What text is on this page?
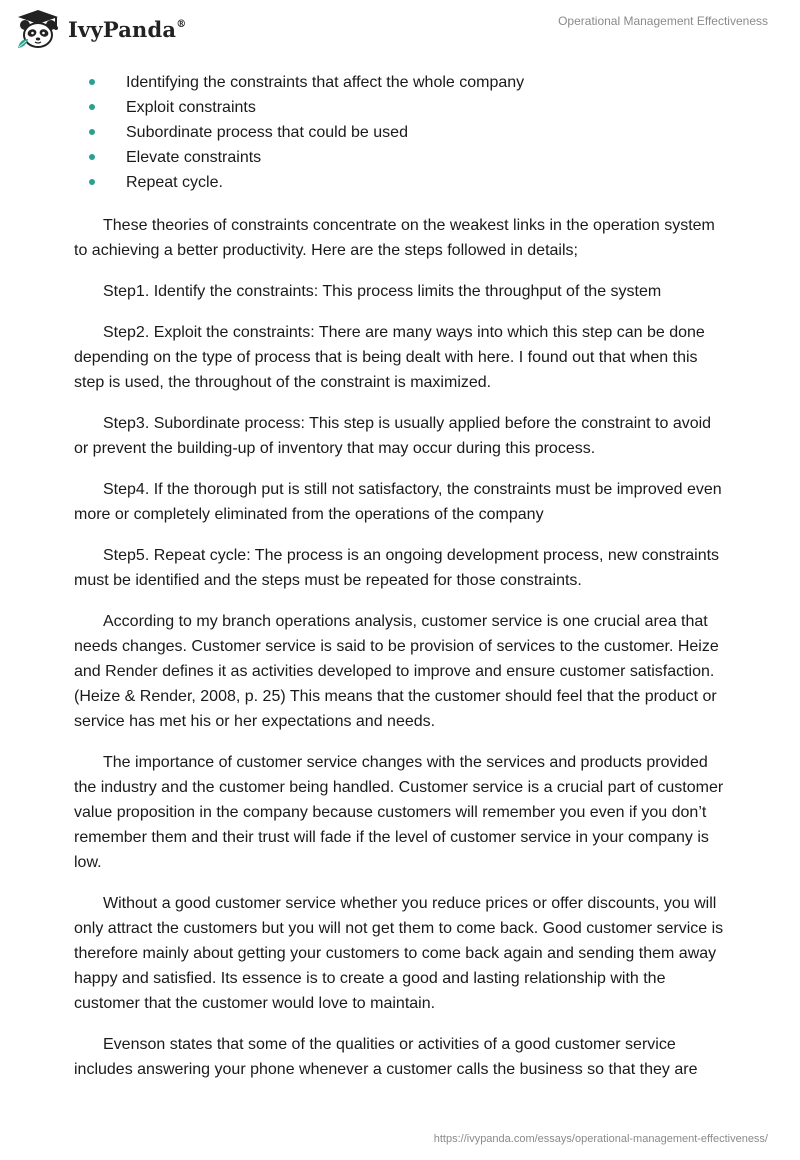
IvyPanda®	Operational Management Effectiveness
Identifying the constraints that affect the whole company
Exploit constraints
Subordinate process that could be used
Elevate constraints
Repeat cycle.

These theories of constraints concentrate on the weakest links in the operation system to achieving a better productivity. Here are the steps followed in details;

Step1. Identify the constraints: This process limits the throughput of the system

Step2. Exploit the constraints: There are many ways into which this step can be done depending on the type of process that is being dealt with here. I found out that when this step is used, the throughout of the constraint is maximized.

Step3. Subordinate process: This step is usually applied before the constraint to avoid or prevent the building-up of inventory that may occur during this process.

Step4. If the thorough put is still not satisfactory, the constraints must be improved even more or completely eliminated from the operations of the company

Step5. Repeat cycle: The process is an ongoing development process, new constraints must be identified and the steps must be repeated for those constraints.

According to my branch operations analysis, customer service is one crucial area that needs changes. Customer service is said to be provision of services to the customer. Heize and Render defines it as activities developed to improve and ensure customer satisfaction. (Heize & Render, 2008, p. 25) This means that the customer should feel that the product or service has met his or her expectations and needs.

The importance of customer service changes with the services and products provided the industry and the customer being handled. Customer service is a crucial part of customer value proposition in the company because customers will remember you even if you don’t remember them and their trust will fade if the level of customer service in your company is low.

Without a good customer service whether you reduce prices or offer discounts, you will only attract the customers but you will not get them to come back. Good customer service is therefore mainly about getting your customers to come back again and sending them away happy and satisfied. Its essence is to create a good and lasting relationship with the customer that the customer would love to maintain.

Evenson states that some of the qualities or activities of a good customer service includes answering your phone whenever a customer calls the business so that they are

https://ivypanda.com/essays/operational-management-effectiveness/
